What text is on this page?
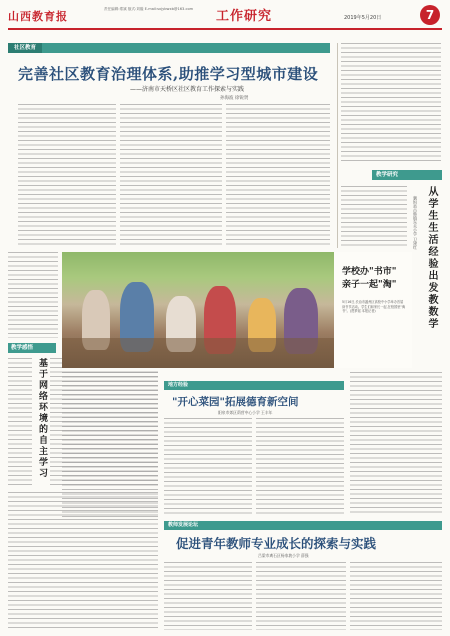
山西教育报
责任编辑:郑斌 版式:刘璇 E-mail:sxjybwxb@163.com	工作研究	2019年5月20日	7
社区教育
完善社区教育治理体系,助推学习型城市建设
——济南市天桥区社区教育工作探索与实践
孙海波 徐锐贤
教学研究
从学生生活经验出发教数学
襄垣县古韩镇东关小学 卫建红
教学感悟
基于网络环境的自主学习
学校办"书市"
亲子一起"淘"
5月16日,长治市潞州区高校中小学举办首届读书节活动。学生们和家长一起,在校园里"淘书"。(贾梦瑶 本报记者)
地方经验
"开心菜园"拓展德育新空间
阳泉市郊区荫营中心小学 王丰年
教师发展论坛
促进青年教师专业成长的探索与实践
吕梁市离石区杨家坡小学 薛强
